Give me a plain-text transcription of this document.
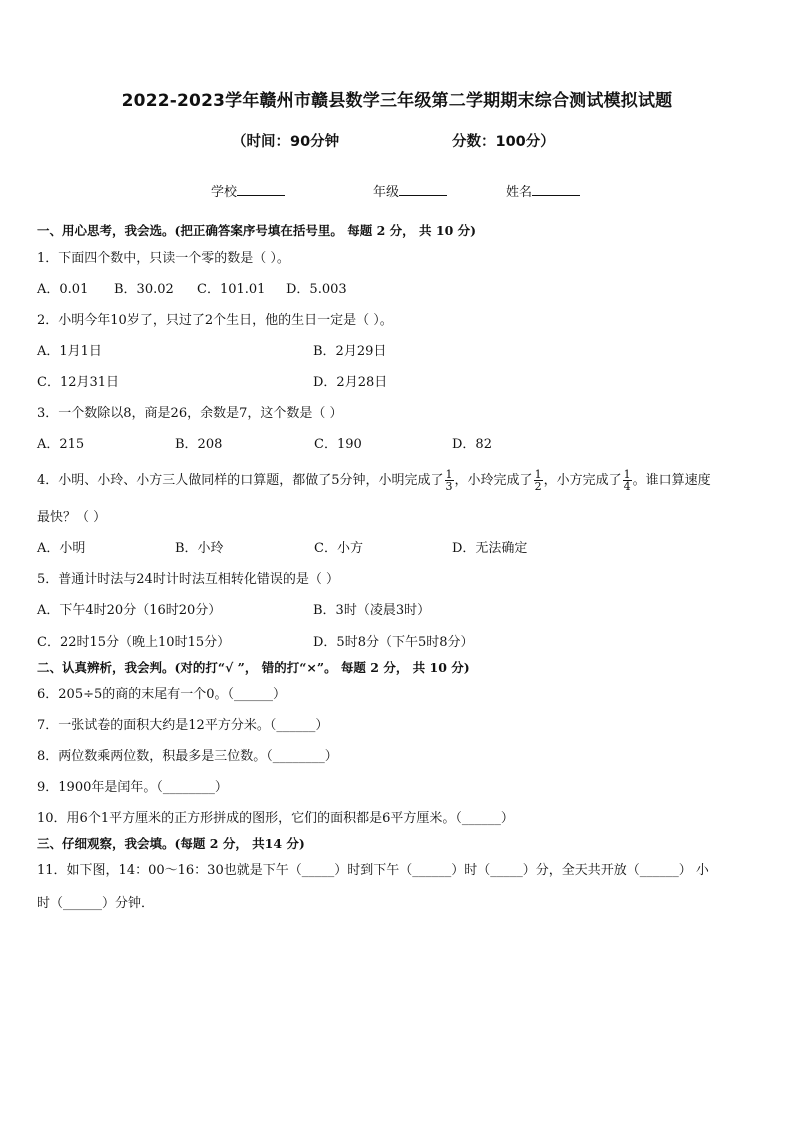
2022-2023学年赣州市赣县数学三年级第二学期期末综合测试模拟试题
（时间：90分钟	分数：100分）
学校	年级	姓名
一、用心思考，我会选。(把正确答案序号填在括号里。 每题 2 分， 共 10 分)
1．下面四个数中，只读一个零的数是（ ）。
A．0.01 B．30.02 C．101.01 D．5.003
2．小明今年10岁了，只过了2个生日，他的生日一定是（ ）。
A．1月1日	B．2月29日
C．12月31日	D．2月28日
3．一个数除以8，商是26，余数是7，这个数是（ ）
A．215	B．208	C．190	D．82
4．小明、小玲、小方三人做同样的口算题，都做了5分钟，小明完成了 $\frac{1}{3}$ ，小玲完成了 $\frac{1}{2}$ ，小方完成了 $\frac{1}{4}$ 。谁口算速度
最快？（ ）
A．小明	B．小玲	C．小方	D．无法确定
5．普通计时法与24时计时法互相转化错误的是（ ）
A．下午4时20分（16时20分）	B．3时（凌晨3时）
C．22时15分（晚上10时15分）	D．5时8分（下午5时8分）
二、认真辨析，我会判。(对的打“√ ”， 错的打“×”。 每题 2 分， 共 10 分)
6．205÷5的商的末尾有一个0。（______）
7．一张试卷的面积大约是12平方分米。（______）
8．两位数乘两位数，积最多是三位数。（________）
9．1900年是闰年。（________）
10．用6个1平方厘米的正方形拼成的图形，它们的面积都是6平方厘米。（______）
三、仔细观察，我会填。(每题 2 分， 共14 分)
11．如下图，14：00～16：30也就是下午（_____）时到下午（______）时（_____）分，全天共开放（______） 小
时（______）分钟．
